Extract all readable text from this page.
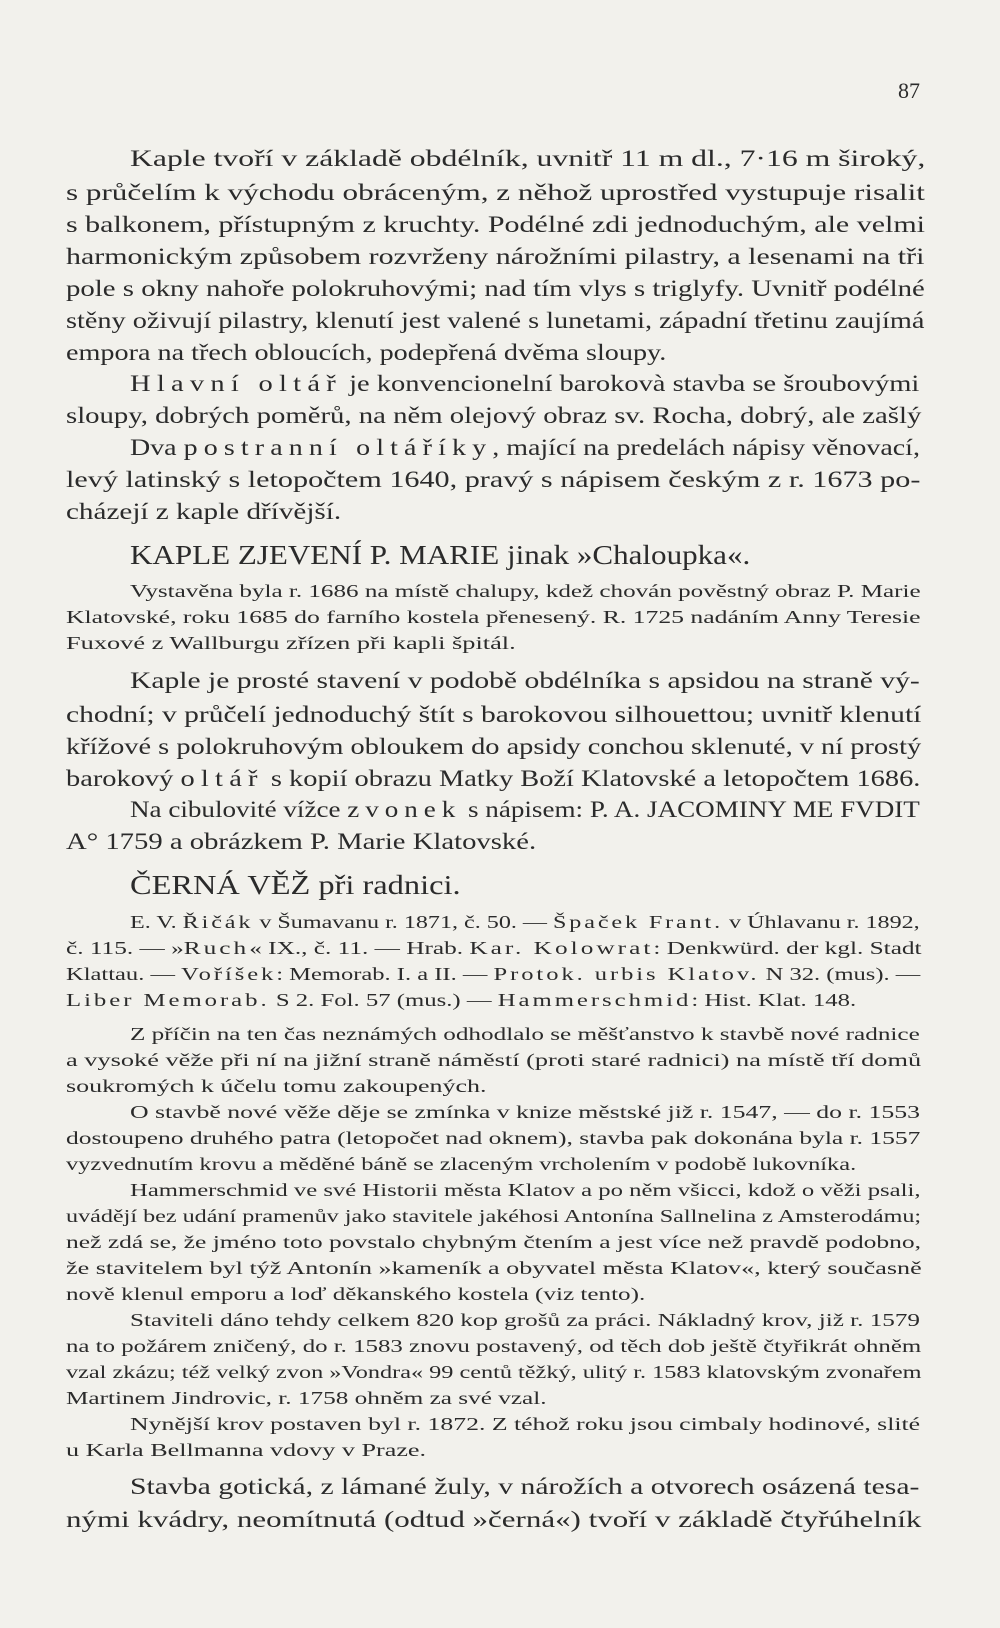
87
Kaple tvoří v základě obdélník, uvnitř 11 m dl., 7·16 m široký,
s průčelím k východu obráceným, z něhož uprostřed vystupuje risalit
s balkonem, přístupným z kruchty. Podélné zdi jednoduchým, ale velmi
harmonickým způsobem rozvrženy nárožními pilastry, a lesenami na tři
pole s okny nahoře polokruhovými; nad tím vlys s triglyfy. Uvnitř podélné
stěny oživují pilastry, klenutí jest valené s lunetami, západní třetinu zaujímá
empora na třech obloucích, podepřená dvěma sloupy.
Hlavní oltář je konvencionelní barokovà stavba se šroubovými
sloupy, dobrých poměrů, na něm olejový obraz sv. Rocha, dobrý, ale zašlý
Dva postranní oltáříky, mající na predelách nápisy věnovací,
levý latinský s letopočtem 1640, pravý s nápisem českým z r. 1673 po-
cházejí z kaple dřívější.
KAPLE ZJEVENÍ P. MARIE jinak »Chaloupka«.
Vystavěna byla r. 1686 na místě chalupy, kdež chován pověstný obraz P. Marie
Klatovské, roku 1685 do farního kostela přenesený. R. 1725 nadáním Anny Teresie
Fuxové z Wallburgu zřízen při kapli špitál.
Kaple je prosté stavení v podobě obdélníka s apsidou na straně vý-
chodní; v průčelí jednoduchý štít s barokovou silhouettou; uvnitř klenutí
křížové s polokruhovým obloukem do apsidy conchou sklenuté, v ní prostý
barokový oltář s kopií obrazu Matky Boží Klatovské a letopočtem 1686.
Na cibulovité vížce zvonek s nápisem: P. A. JACOMINY ME FVDIT
A° 1759 a obrázkem P. Marie Klatovské.
ČERNÁ VĚŽ při radnici.
E. V. Řičák v Šumavanu r. 1871, č. 50. — Špaček Frant. v Úhlavanu r. 1892,
č. 115. — »Ruch« IX., č. 11. — Hrab. Kar. Kolowrat: Denkwürd. der kgl. Stadt
Klattau. — Voříšek: Memorab. I. a II. — Protok. urbis Klatov. N 32. (mus). —
Liber Memorab. S 2. Fol. 57 (mus.) — Hammerschmid: Hist. Klat. 148.
Z příčin na ten čas neznámých odhodlalo se měšťanstvo k stavbě nové radnice
a vysoké věže při ní na jižní straně náměstí (proti staré radnici) na místě tří domů
soukromých k účelu tomu zakoupených.
O stavbě nové věže děje se zmínka v knize městské již r. 1547, — do r. 1553
dostoupeno druhého patra (letopočet nad oknem), stavba pak dokonána byla r. 1557
vyzvednutím krovu a měděné báně se zlaceným vrcholením v podobě lukovníka.
Hammerschmid ve své Historii města Klatov a po něm všicci, kdož o věži psali,
uvádějí bez udání pramenův jako stavitele jakéhosi Antonína Sallnelina z Amsterodámu;
než zdá se, že jméno toto povstalo chybným čtením a jest více než pravdě podobno,
že stavitelem byl týž Antonín »kameník a obyvatel města Klatov«, který současně
nově klenul emporu a loď děkanského kostela (viz tento).
Staviteli dáno tehdy celkem 820 kop grošů za práci. Nákladný krov, již r. 1579
na to požárem zničený, do r. 1583 znovu postavený, od těch dob ještě čtyřikrát ohněm
vzal zkázu; též velký zvon »Vondra« 99 centů těžký, ulitý r. 1583 klatovským zvonařem
Martinem Jindrovic, r. 1758 ohněm za své vzal.
Nynější krov postaven byl r. 1872. Z téhož roku jsou cimbaly hodinové, slité
u Karla Bellmanna vdovy v Praze.
Stavba gotická, z lámané žuly, v nárožích a otvorech osázená tesa-
nými kvádry, neomítnutá (odtud »černá«) tvoří v základě čtyřúhelník
